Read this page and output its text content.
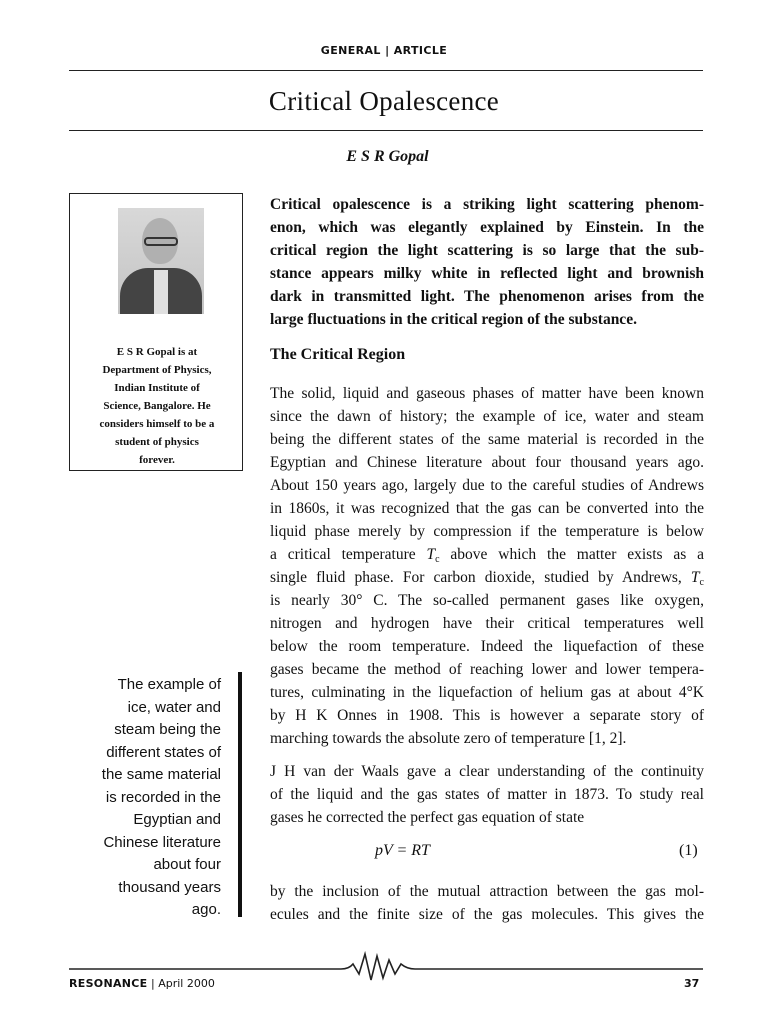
GENERAL | ARTICLE
Critical Opalescence
E S R Gopal
E S R Gopal is at
Department of Physics,
Indian Institute of
Science, Bangalore. He
considers himself to be a
student of physics
forever.
Critical opalescence is a striking light scattering phenom-
enon, which was elegantly explained by Einstein. In the
critical region the light scattering is so large that the sub-
stance appears milky white in reflected light and brownish
dark in transmitted light. The phenomenon arises from the
large fluctuations in the critical region of the substance.
The Critical Region
The solid, liquid and gaseous phases of matter have been known
since the dawn of history; the example of ice, water and steam
being the different states of the same material is recorded in the
Egyptian and Chinese literature about four thousand years ago.
About 150 years ago, largely due to the careful studies of Andrews
in 1860s, it was recognized that the gas can be converted into the
liquid phase merely by compression if the temperature is below
a critical temperature $T_c$ above which the matter exists as a
single fluid phase. For carbon dioxide, studied by Andrews, $T_c$
is nearly 30° C. The so-called permanent gases like oxygen,
nitrogen and hydrogen have their critical temperatures well
below the room temperature. Indeed the liquefaction of these
gases became the method of reaching lower and lower tempera-
tures, culminating in the liquefaction of helium gas at about 4°K
by H K Onnes in 1908. This is however a separate story of
marching towards the absolute zero of temperature [1, 2].
J H van der Waals gave a clear understanding of the continuity
of the liquid and the gas states of matter in 1873. To study real
gases he corrected the perfect gas equation of state
pV = RT	(1)
by the inclusion of the mutual attraction between the gas mol-
ecules and the finite size of the gas molecules. This gives the
The example of
ice, water and
steam being the
different states of
the same material
is recorded in the
Egyptian and
Chinese literature
about four
thousand years
ago.
RESONANCE | April 2000	37
